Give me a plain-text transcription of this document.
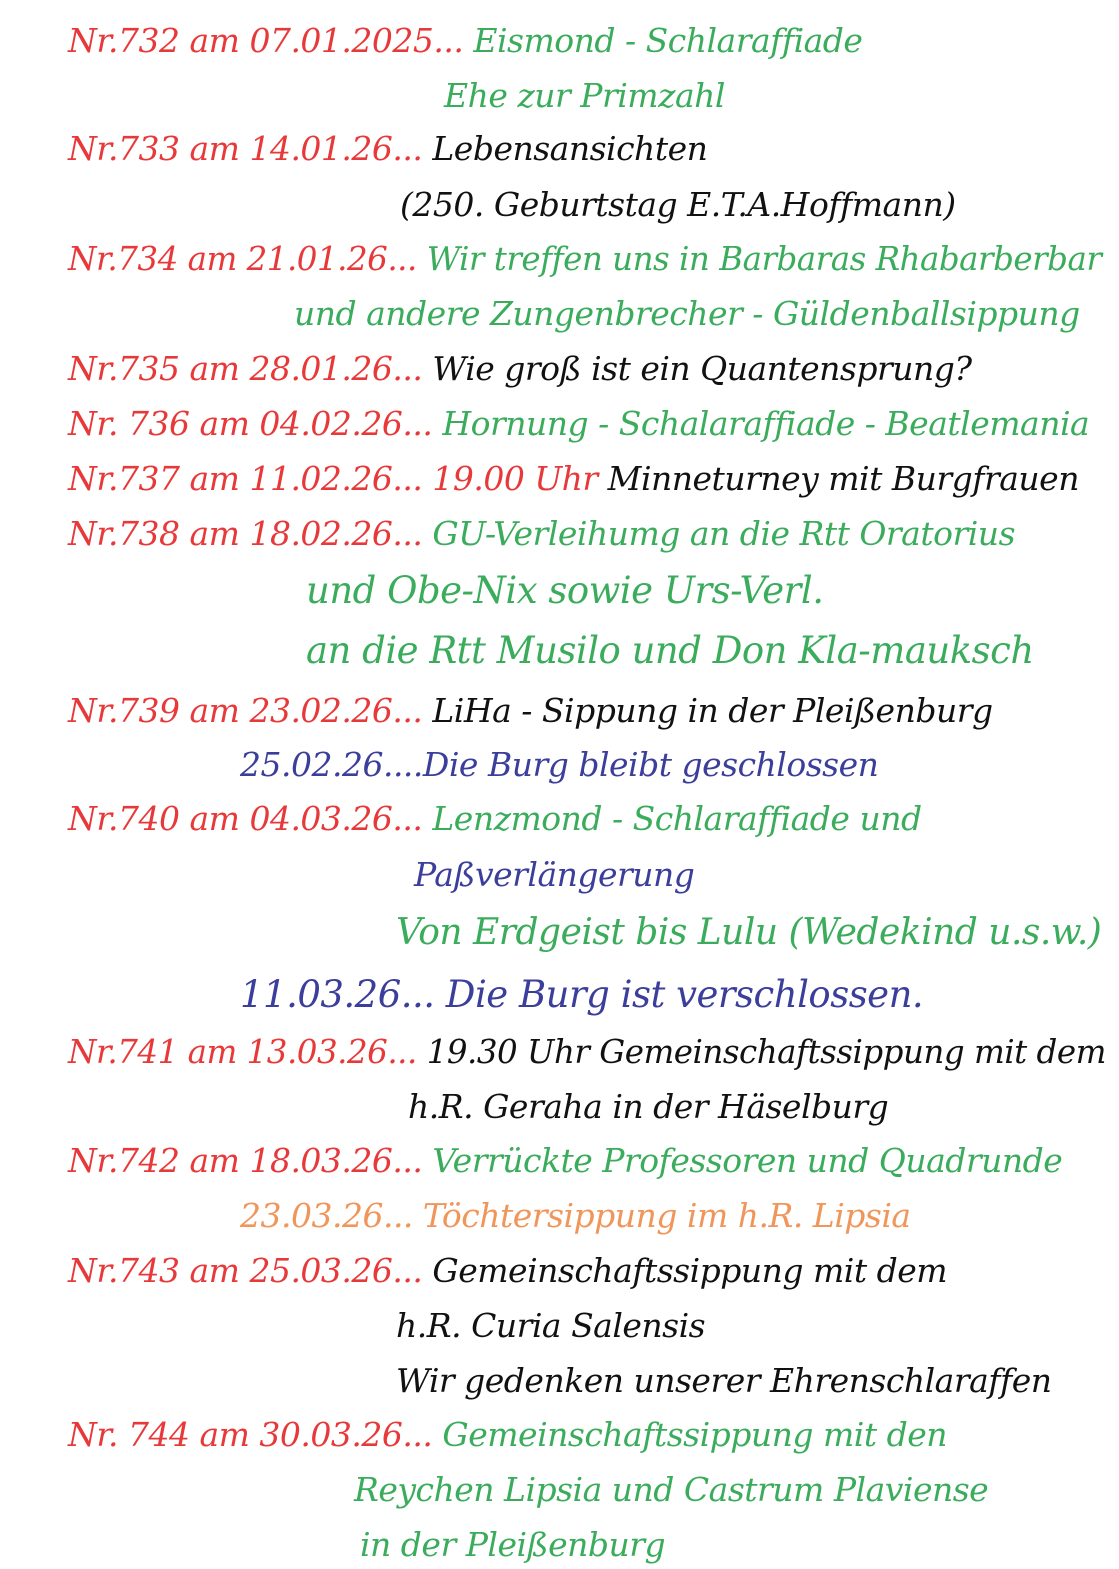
Nr.732 am 07.01.2025... Eismond - Schlaraffiade
Ehe zur Primzahl
Nr.733 am 14.01.26... Lebensansichten
(250. Geburtstag E.T.A.Hoffmann)
Nr.734 am 21.01.26... Wir treffen uns in Barbaras Rhabarberbar
und andere Zungenbrecher - Güldenballsippung
Nr.735 am 28.01.26... Wie groß ist ein Quantensprung?
Nr. 736 am 04.02.26... Hornung - Schalaraffiade - Beatlemania
Nr.737 am 11.02.26... 19.00 Uhr Minneturney mit Burgfrauen
Nr.738 am 18.02.26... GU-Verleihumg an die Rtt Oratorius
und Obe-Nix sowie Urs-Verl.
an die Rtt Musilo und Don Kla-mauksch
Nr.739 am 23.02.26... LiHa - Sippung in der Pleißenburg
25.02.26....Die Burg bleibt geschlossen
Nr.740 am 04.03.26... Lenzmond - Schlaraffiade und
Paßverlängerung
Von Erdgeist bis Lulu (Wedekind u.s.w.)
11.03.26... Die Burg ist verschlossen.
Nr.741 am 13.03.26... 19.30 Uhr Gemeinschaftssippung mit dem
h.R. Geraha in der Häselburg
Nr.742 am 18.03.26... Verrückte Professoren und Quadrunde
23.03.26... Töchtersippung im h.R. Lipsia
Nr.743 am 25.03.26... Gemeinschaftssippung mit dem
h.R. Curia Salensis
Wir gedenken unserer Ehrenschlaraffen
Nr. 744 am 30.03.26... Gemeinschaftssippung mit den
Reychen Lipsia und Castrum Plaviense
in der Pleißenburg
